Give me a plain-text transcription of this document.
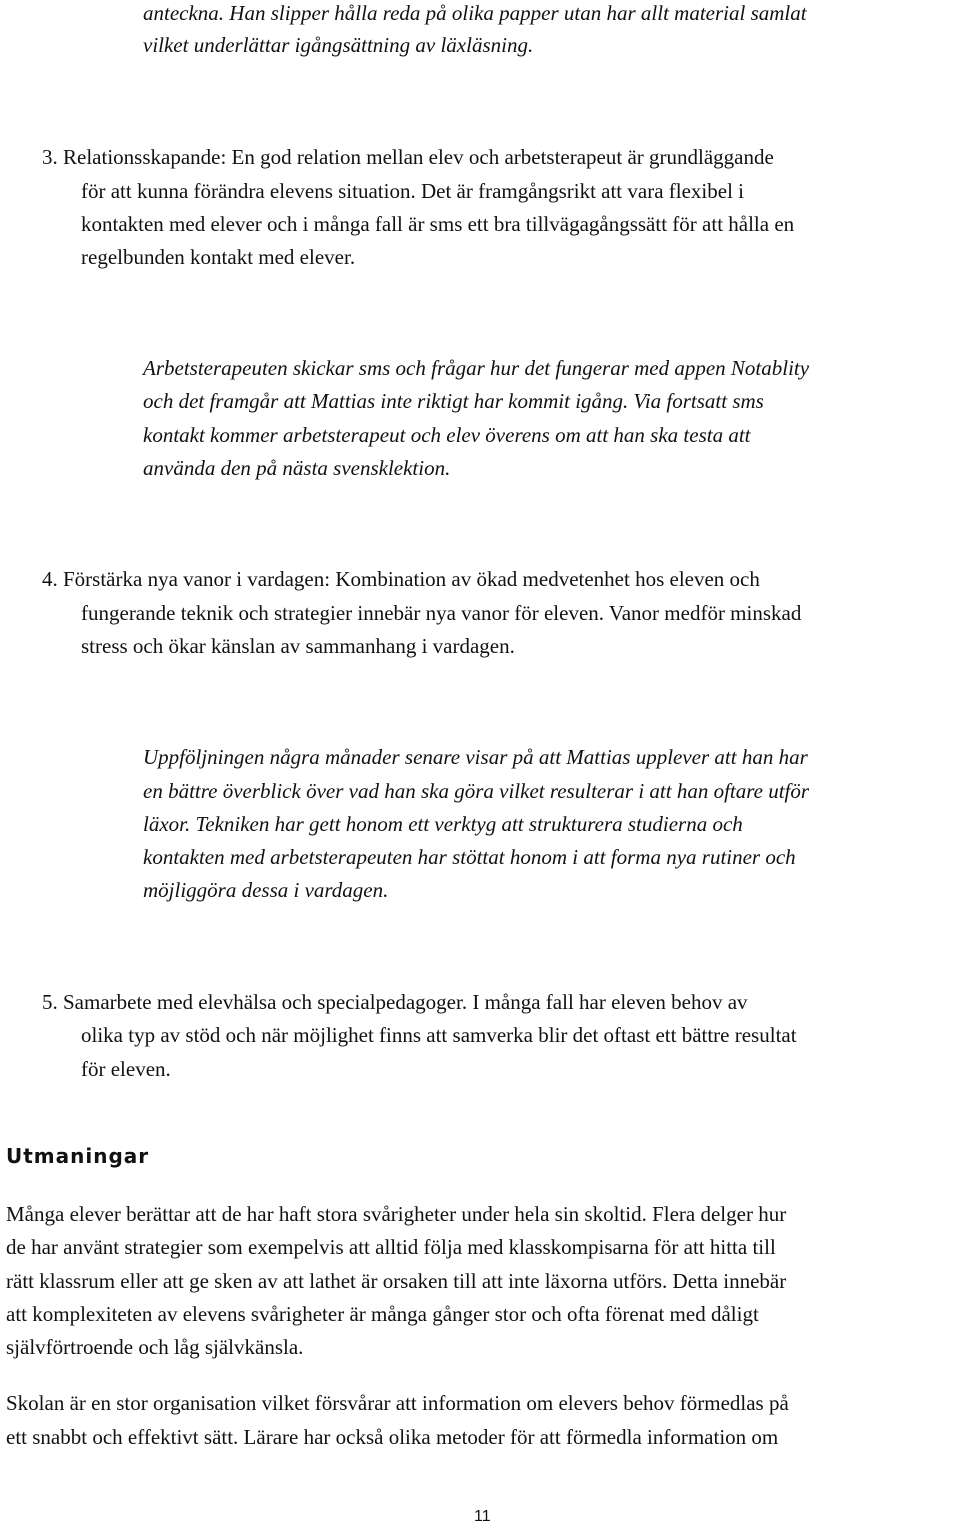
anteckna. Han slipper hålla reda på olika papper utan har allt material samlat
vilket underlättar igångsättning av läxläsning.
3. Relationsskapande: En god relation mellan elev och arbetsterapeut är grundläggande
för att kunna förändra elevens situation. Det är framgångsrikt att vara flexibel i
kontakten med elever och i många fall är sms ett bra tillvägagångssätt för att hålla en
regelbunden kontakt med elever.
Arbetsterapeuten skickar sms och frågar hur det fungerar med appen Notablity
och det framgår att Mattias inte riktigt har kommit igång. Via fortsatt sms
kontakt kommer arbetsterapeut och elev överens om att han ska testa att
använda den på nästa svensklektion.
4. Förstärka nya vanor i vardagen: Kombination av ökad medvetenhet hos eleven och
fungerande teknik och strategier innebär nya vanor för eleven. Vanor medför minskad
stress och ökar känslan av sammanhang i vardagen.
Uppföljningen några månader senare visar på att Mattias upplever att han har
en bättre överblick över vad han ska göra vilket resulterar i att han oftare utför
läxor. Tekniken har gett honom ett verktyg att strukturera studierna och
kontakten med arbetsterapeuten har stöttat honom i att forma nya rutiner och
möjliggöra dessa i vardagen.
5. Samarbete med elevhälsa och specialpedagoger. I många fall har eleven behov av
olika typ av stöd och när möjlighet finns att samverka blir det oftast ett bättre resultat
för eleven.
Utmaningar
Många elever berättar att de har haft stora svårigheter under hela sin skoltid. Flera delger hur
de har använt strategier som exempelvis att alltid följa med klasskompisarna för att hitta till
rätt klassrum eller att ge sken av att lathet är orsaken till att inte läxorna utförs. Detta innebär
att komplexiteten av elevens svårigheter är många gånger stor och ofta förenat med dåligt
självförtroende och låg självkänsla.
Skolan är en stor organisation vilket försvårar att information om elevers behov förmedlas på
ett snabbt och effektivt sätt. Lärare har också olika metoder för att förmedla information om
11
